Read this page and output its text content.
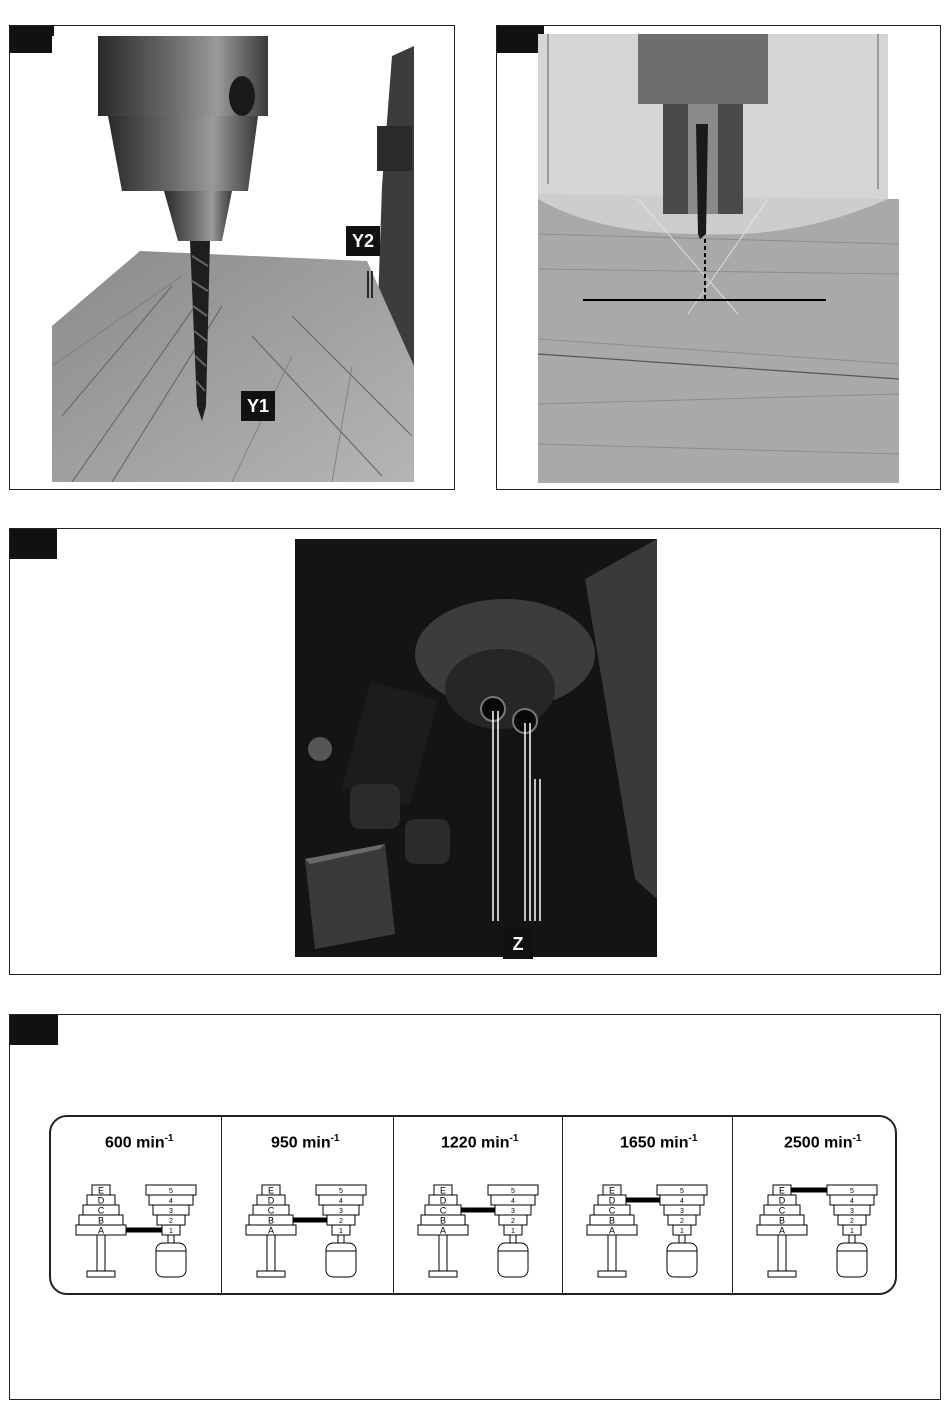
Y1
Y2
Z
600 $\min^{-1}$
E
D
C
B
A
5
4
3
2
1
950 $\min^{-1}$
E
D
C
B
A
5
4
3
2
1
1220 $\min^{-1}$
E
D
C
B
A
5
4
3
2
1
1650 $\min^{-1}$
E
D
C
B
A
5
4
3
2
1
2500 $\min^{-1}$
E
D
C
B
A
5
4
3
2
1
